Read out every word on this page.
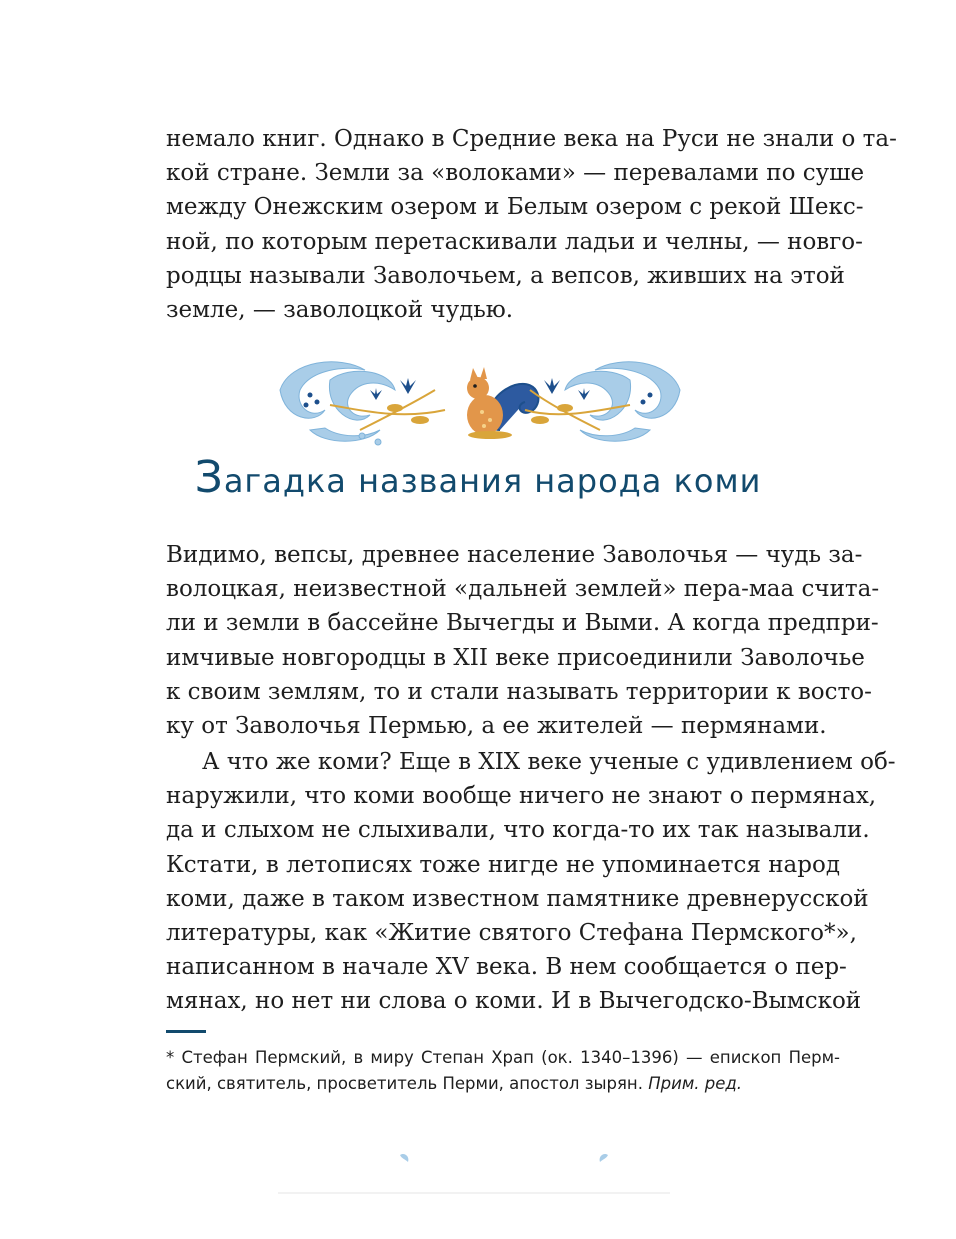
немало книг. Однако в Средние века на Руси не знали о та-
кой стране. Земли за «волоками» — перевалами по суше
между Онежским озером и Белым озером с рекой Шекс-
ной, по которым перетаскивали ладьи и челны, — новго-
родцы называли Заволочьем, а вепсов, живших на этой
земле, — заволоцкой чудью.
Загадка названия народа коми
Видимо, вепсы, древнее население Заволочья — чудь за-
волоцкая, неизвестной «дальней землей» пера-маа счита-
ли и земли в бассейне Вычегды и Выми. А когда предпри-
имчивые новгородцы в XII веке присоединили Заволочье
к своим землям, то и стали называть территории к восто-
ку от Заволочья Пермью, а ее жителей — пермянами.
А что же коми? Еще в XIX веке ученые с удивлением об-
наружили, что коми вообще ничего не знают о пермянах,
да и слыхом не слыхивали, что когда-то их так называли.
Кстати, в летописях тоже нигде не упоминается народ
коми, даже в таком известном памятнике древнерусской
литературы, как «Житие святого Стефана Пермского*»,
написанном в начале XV века. В нем сообщается о пер-
мянах, но нет ни слова о коми. И в Вычегодско-Вымской
* Стефан Пермский, в миру Степан Храп (ок. 1340–1396) — епископ Перм-
ский, святитель, просветитель Перми, апостол зырян. Прим. ред.
